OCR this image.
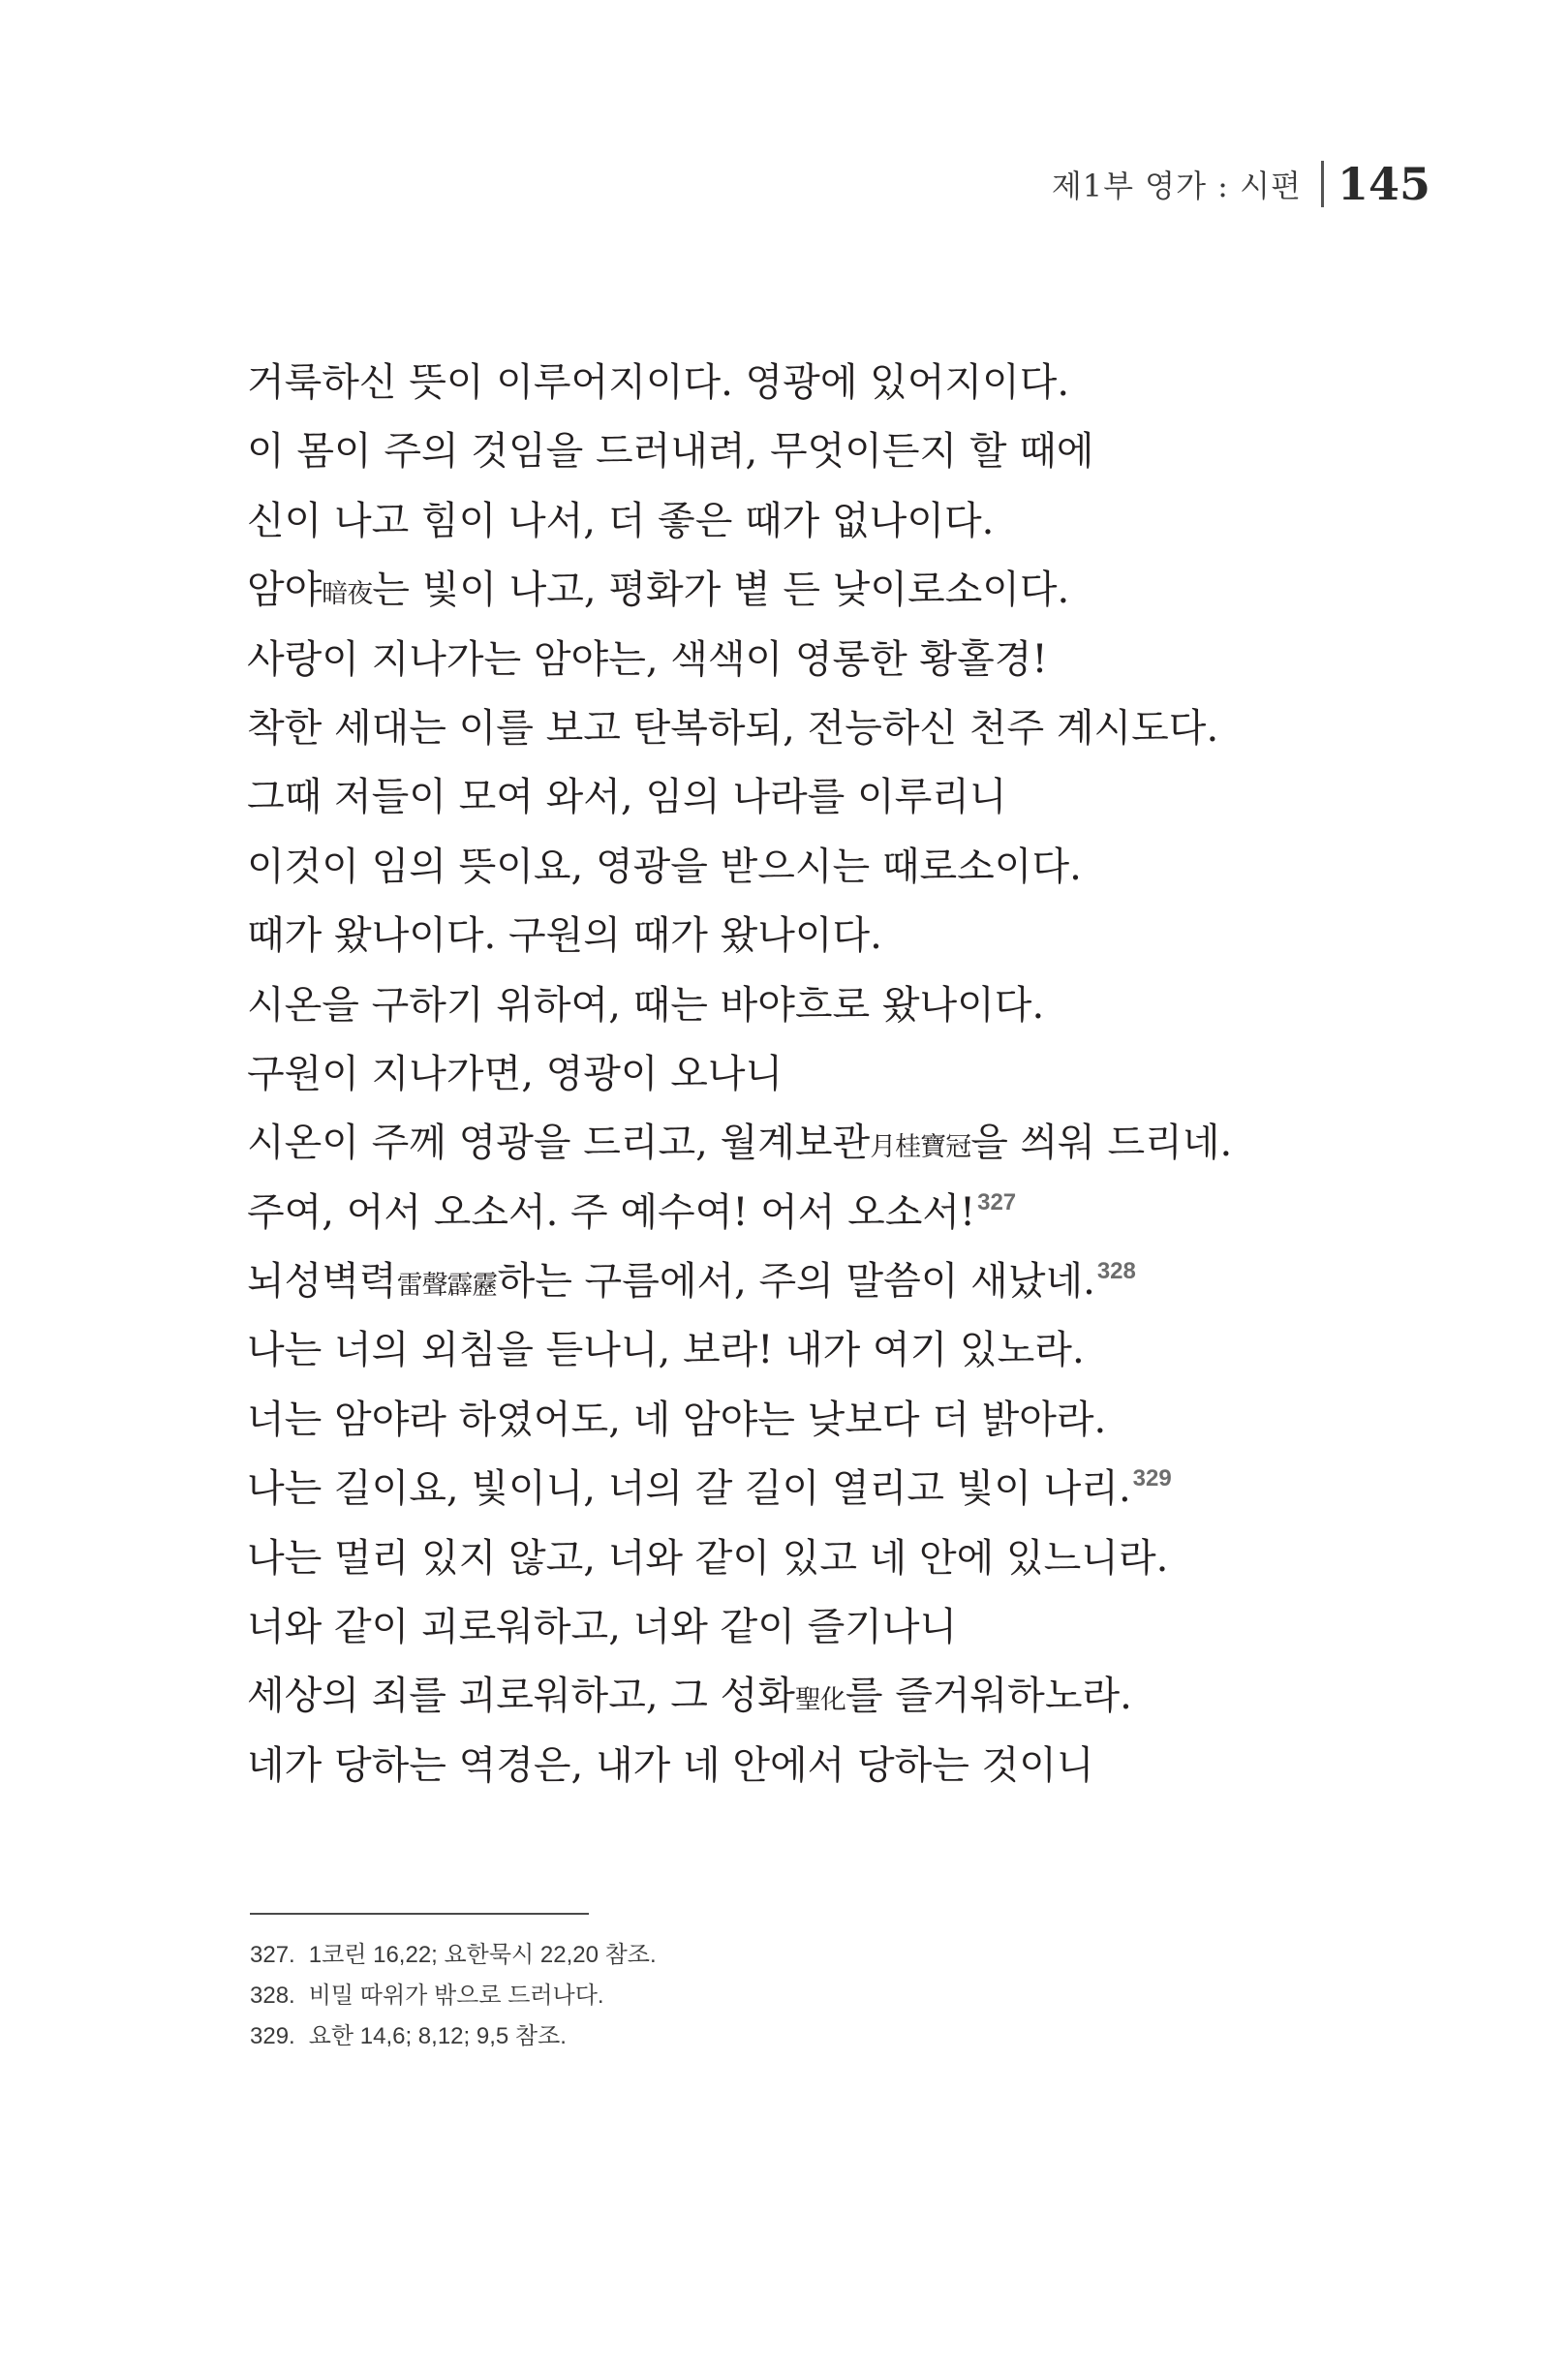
제1부 영가 : 시편 145
거룩하신 뜻이 이루어지이다. 영광에 있어지이다.
이 몸이 주의 것임을 드러내려, 무엇이든지 할 때에
신이 나고 힘이 나서, 더 좋은 때가 없나이다.
암야暗夜는 빛이 나고, 평화가 볕 든 낮이로소이다.
사랑이 지나가는 암야는, 색색이 영롱한 황홀경!
착한 세대는 이를 보고 탄복하되, 전능하신 천주 계시도다.
그때 저들이 모여 와서, 임의 나라를 이루리니
이것이 임의 뜻이요, 영광을 받으시는 때로소이다.
때가 왔나이다. 구원의 때가 왔나이다.
시온을 구하기 위하여, 때는 바야흐로 왔나이다.
구원이 지나가면, 영광이 오나니
시온이 주께 영광을 드리고, 월계보관月桂寶冠을 씌워 드리네.
주여, 어서 오소서. 주 예수여! 어서 오소서!$^{327}$
뇌성벽력雷聲霹靂하는 구름에서, 주의 말씀이 새났네.$^{328}$
나는 너의 외침을 듣나니, 보라! 내가 여기 있노라.
너는 암야라 하였어도, 네 암야는 낮보다 더 밝아라.
나는 길이요, 빛이니, 너의 갈 길이 열리고 빛이 나리.$^{329}$
나는 멀리 있지 않고, 너와 같이 있고 네 안에 있느니라.
너와 같이 괴로워하고, 너와 같이 즐기나니
세상의 죄를 괴로워하고, 그 성화聖化를 즐거워하노라.
네가 당하는 역경은, 내가 네 안에서 당하는 것이니
327. 1코린 16,22; 요한묵시 22,20 참조.
328. 비밀 따위가 밖으로 드러나다.
329. 요한 14,6; 8,12; 9,5 참조.
